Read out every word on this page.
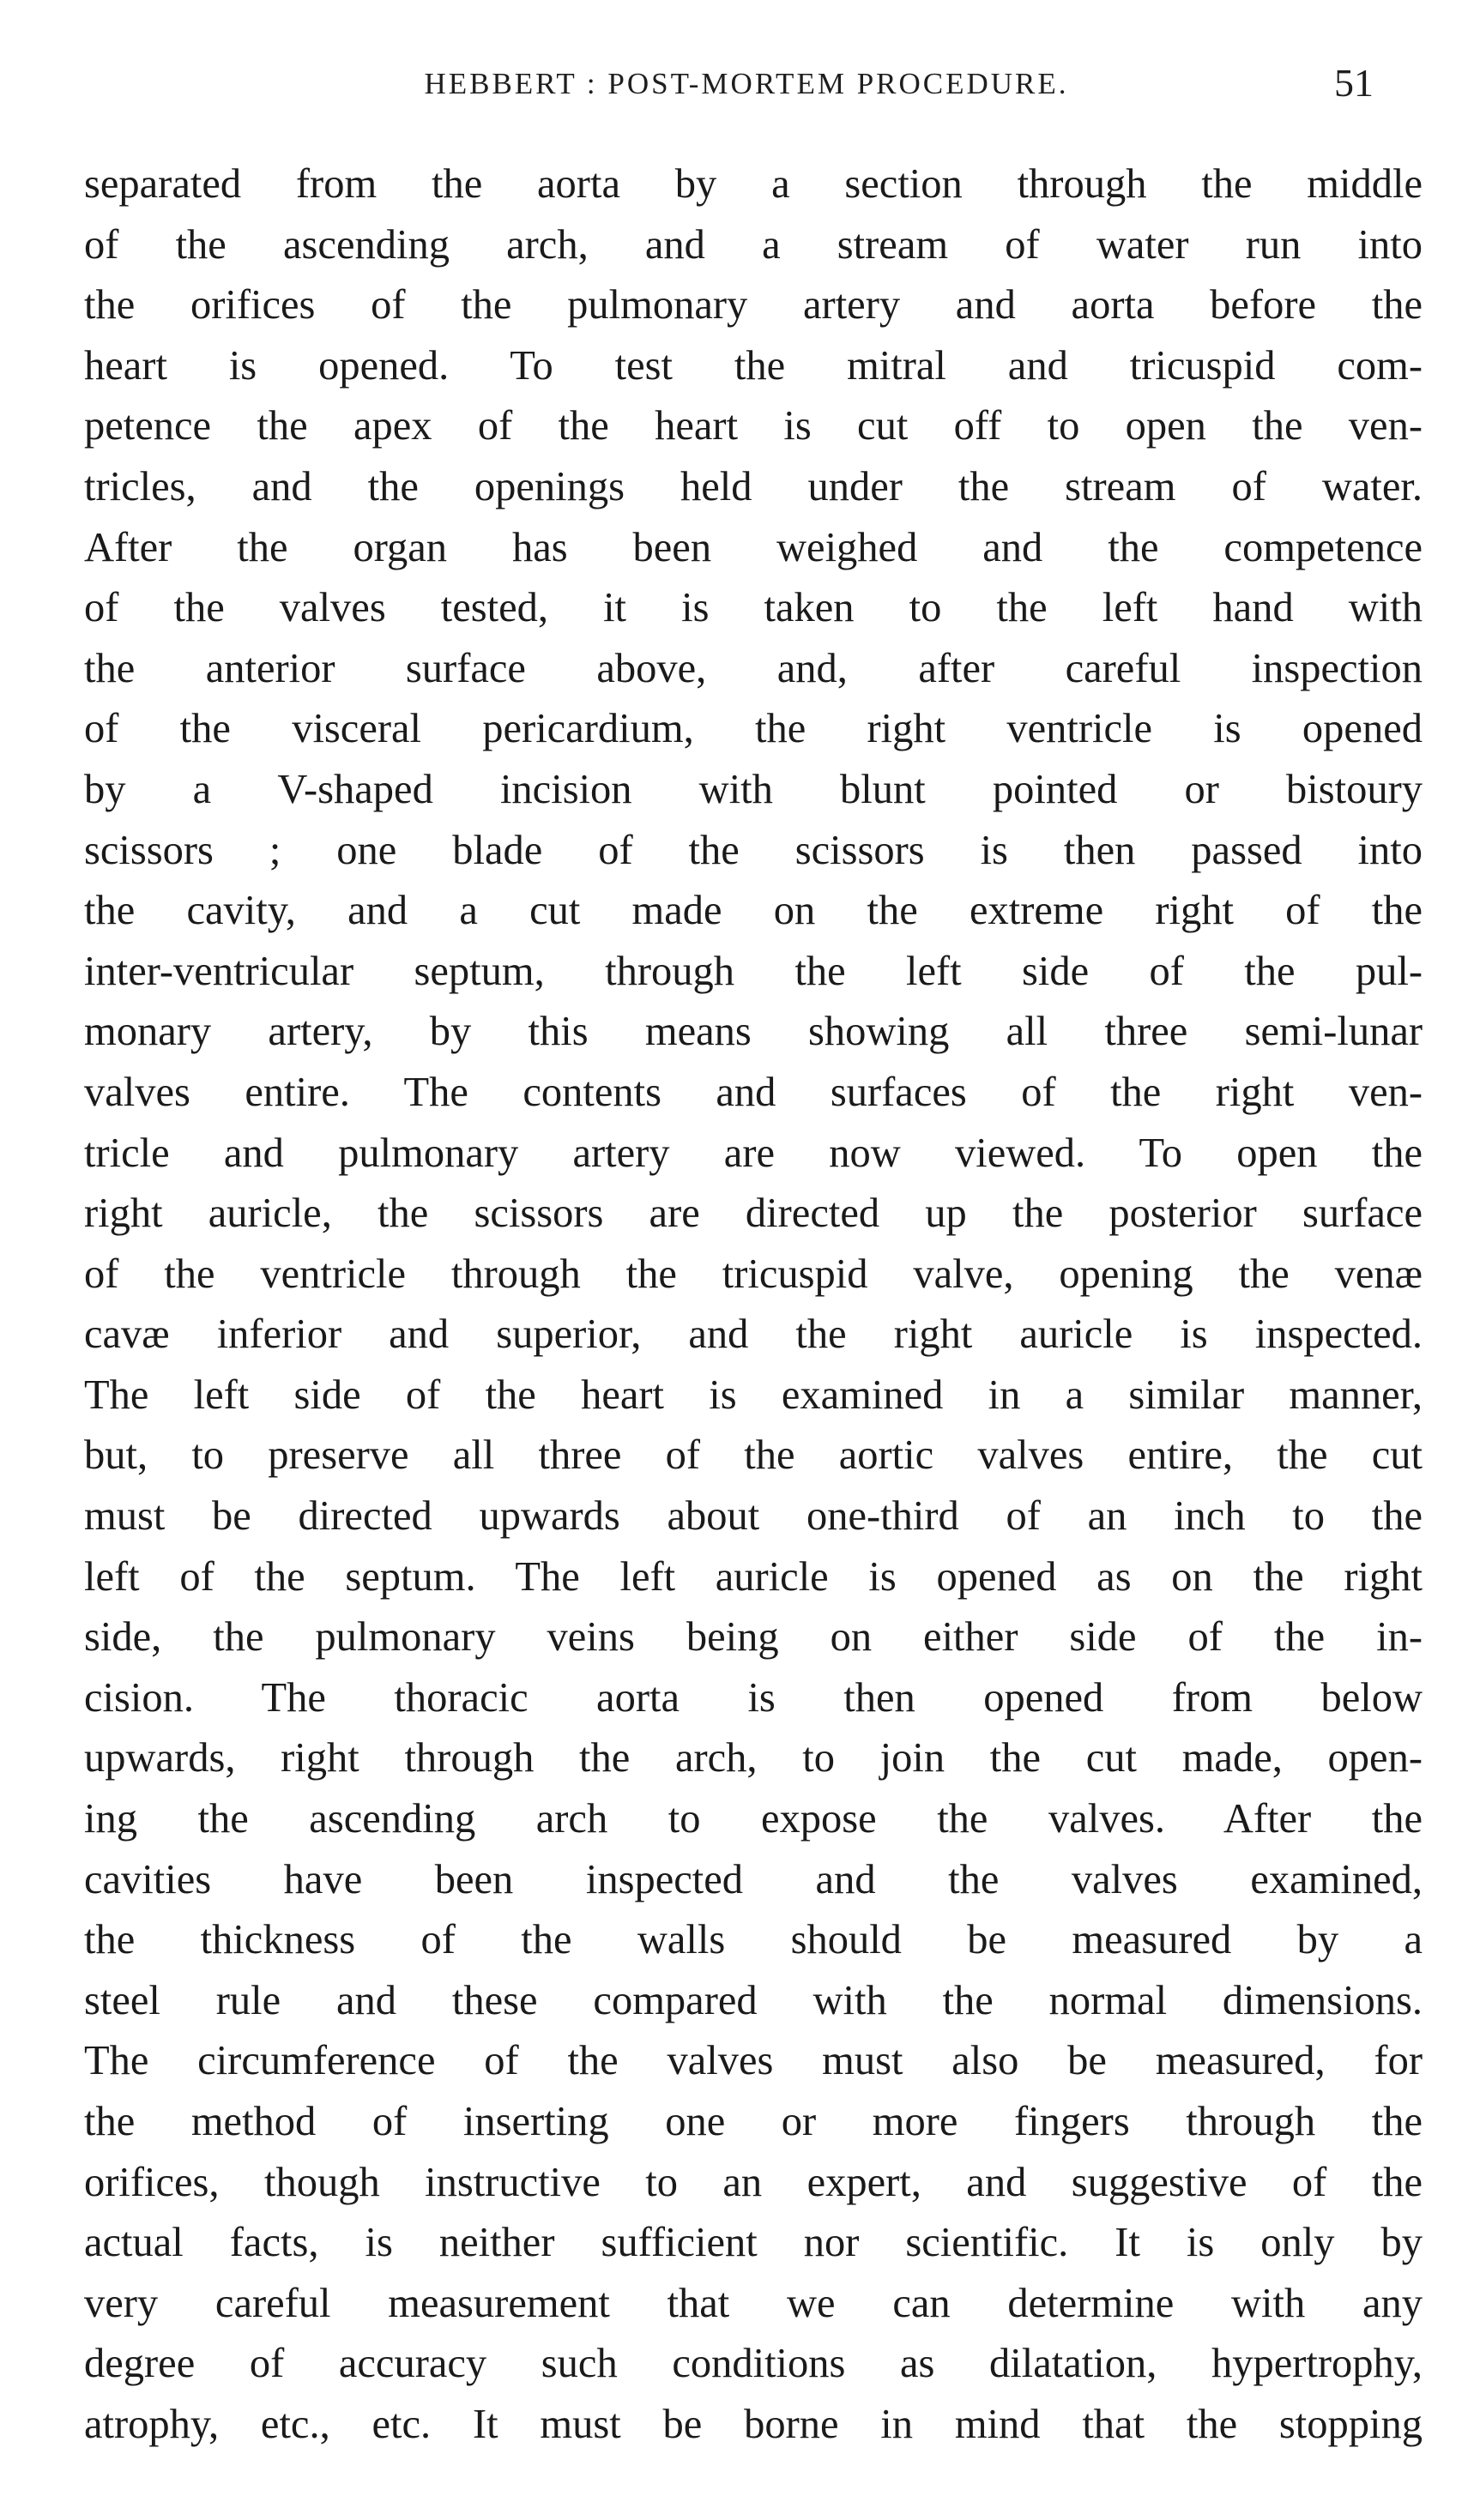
HEBBERT : POST-MORTEM PROCEDURE.	51
separated from the aorta by a section through the middle
of the ascending arch, and a stream of water run into
the orifices of the pulmonary artery and aorta before the
heart is opened. To test the mitral and tricuspid com-
petence the apex of the heart is cut off to open the ven-
tricles, and the openings held under the stream of water.
After the organ has been weighed and the competence
of the valves tested, it is taken to the left hand with
the anterior surface above, and, after careful inspection
of the visceral pericardium, the right ventricle is opened
by a V-shaped incision with blunt pointed or bistoury
scissors ; one blade of the scissors is then passed into
the cavity, and a cut made on the extreme right of the
inter-ventricular septum, through the left side of the pul-
monary artery, by this means showing all three semi-lunar
valves entire. The contents and surfaces of the right ven-
tricle and pulmonary artery are now viewed. To open the
right auricle, the scissors are directed up the posterior surface
of the ventricle through the tricuspid valve, opening the venæ
cavæ inferior and superior, and the right auricle is inspected.
The left side of the heart is examined in a similar manner,
but, to preserve all three of the aortic valves entire, the cut
must be directed upwards about one-third of an inch to the
left of the septum. The left auricle is opened as on the right
side, the pulmonary veins being on either side of the in-
cision. The thoracic aorta is then opened from below
upwards, right through the arch, to join the cut made, open-
ing the ascending arch to expose the valves. After the
cavities have been inspected and the valves examined,
the thickness of the walls should be measured by a
steel rule and these compared with the normal dimensions.
The circumference of the valves must also be measured, for
the method of inserting one or more fingers through the
orifices, though instructive to an expert, and suggestive of the
actual facts, is neither sufficient nor scientific. It is only by
very careful measurement that we can determine with any
degree of accuracy such conditions as dilatation, hypertrophy,
atrophy, etc., etc. It must be borne in mind that the stopping
